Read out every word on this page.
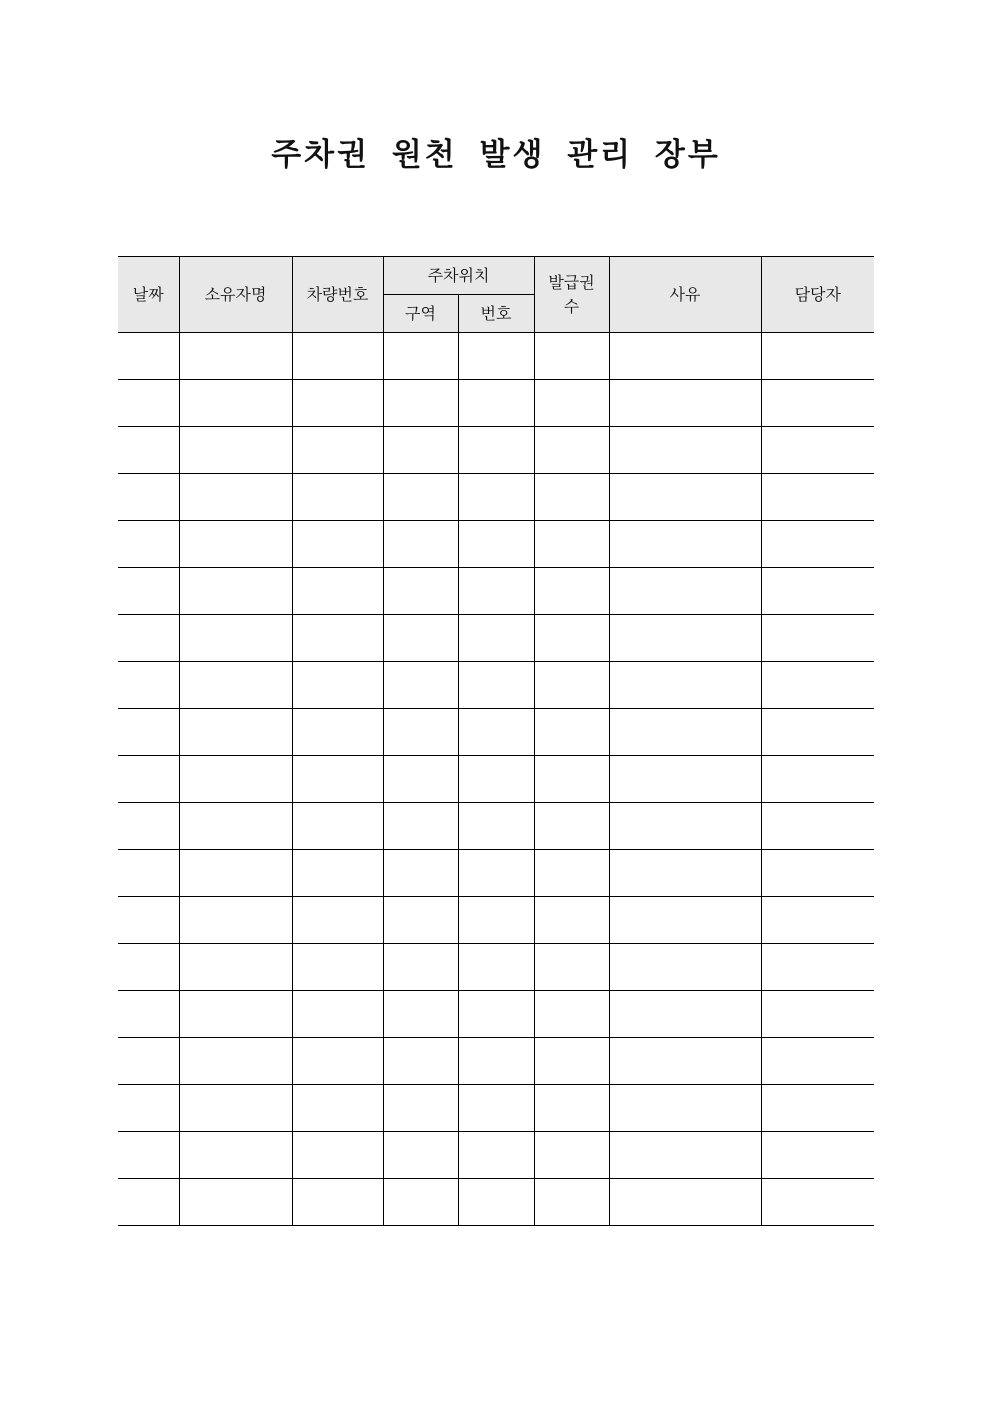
주차권 원천 발생 관리 장부
날짜	소유자명	차량번호	주차위치		발급권수	사유	담당자
			구역	번호			
